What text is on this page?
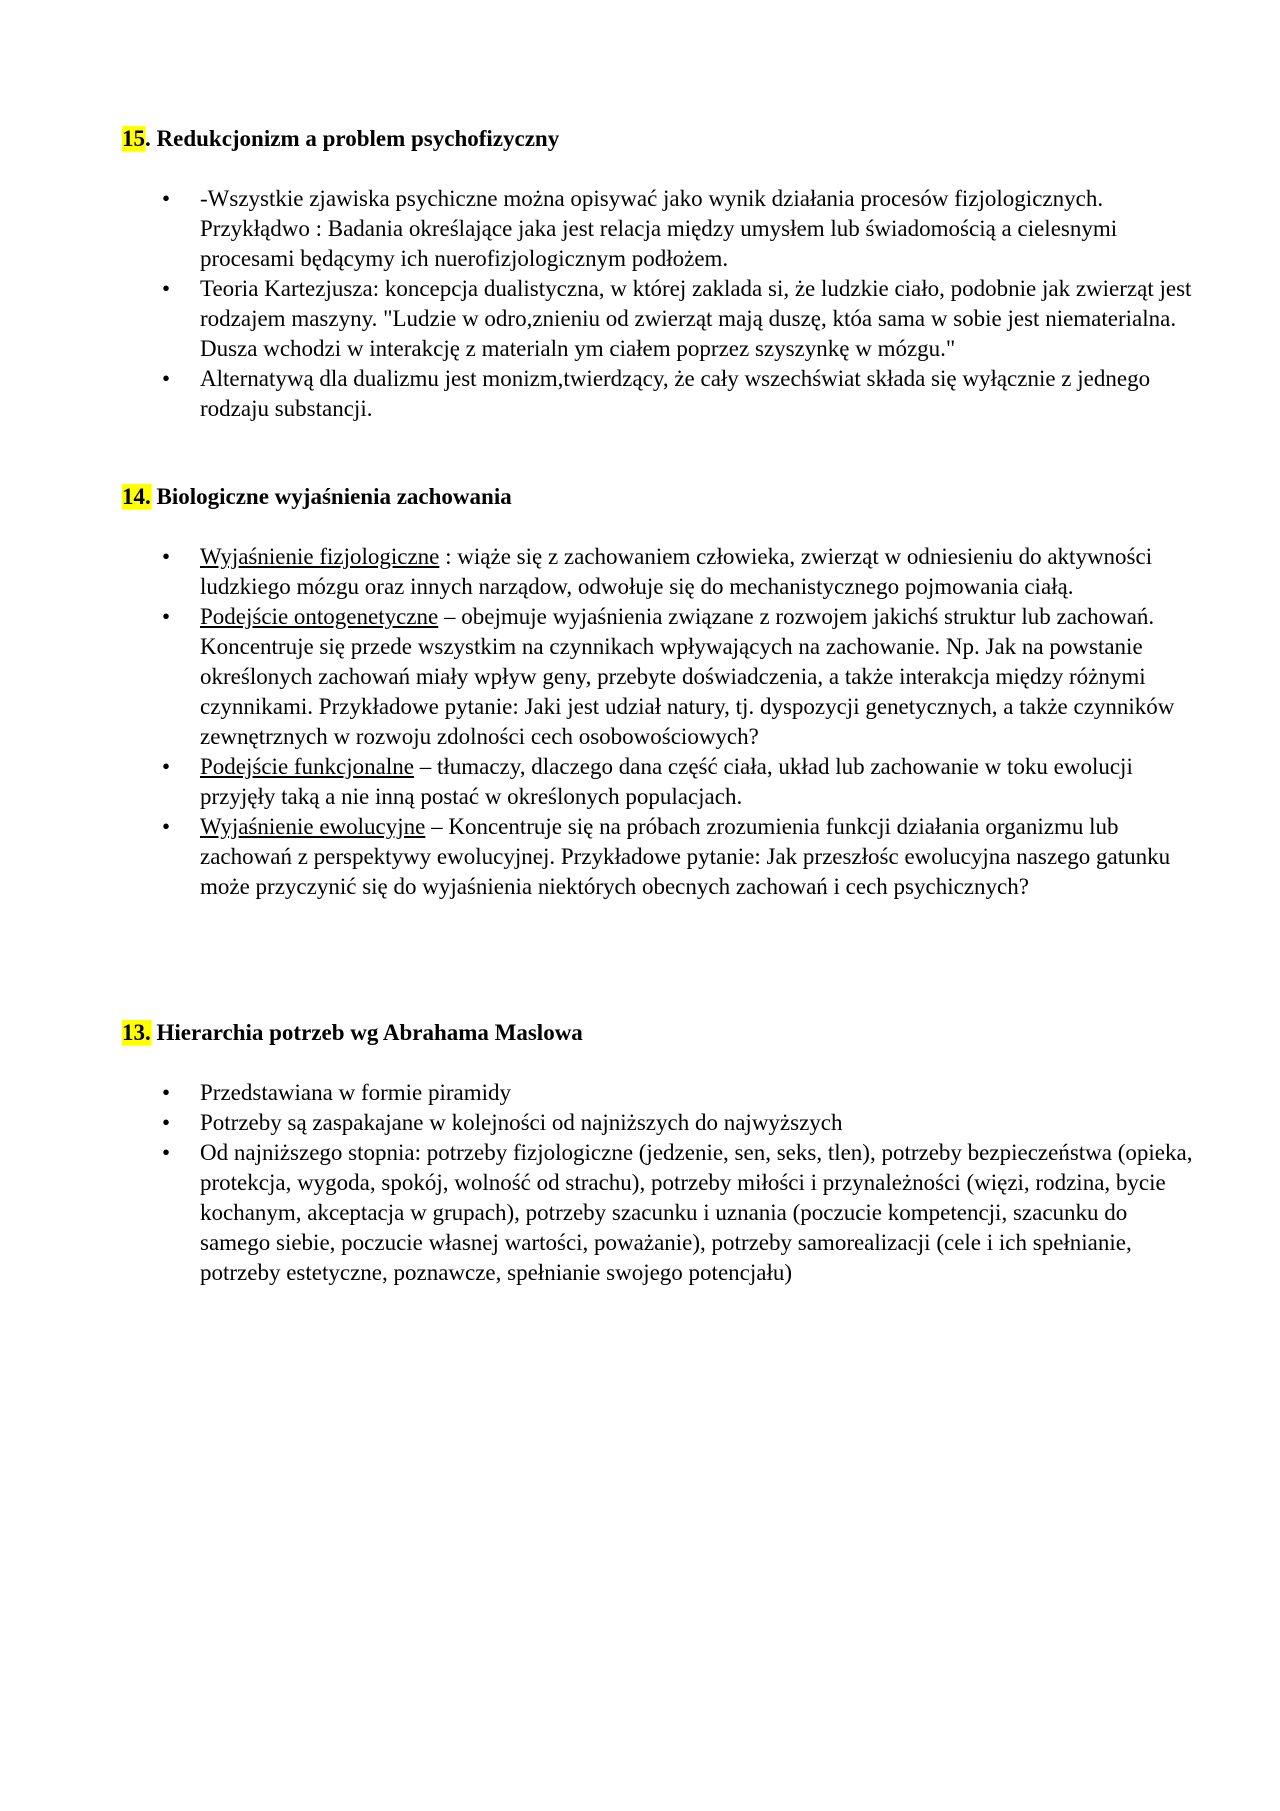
15. Redukcjonizm a problem psychofizyczny

• -Wszystkie zjawiska psychiczne można opisywać jako wynik działania procesów fizjologicznych. Przykłądwo : Badania określające jaka jest relacja między umysłem lub świadomością a cielesnymi procesami będącymy ich nuerofizjologicznym podłożem.
• Teoria Kartezjusza: koncepcja dualistyczna, w której zaklada si, że ludzkie ciało, podobnie jak zwierząt jest rodzajem maszyny. "Ludzie w odro,znieniu od zwierząt mają duszę, któa sama w sobie jest niematerialna. Dusza wchodzi w interakcję z materialn ym ciałem poprzez szyszynkę w mózgu."
• Alternatywą dla dualizmu jest monizm,twierdzący, że cały wszechświat składa się wyłącznie z jednego rodzaju substancji.

14. Biologiczne wyjaśnienia zachowania

• Wyjaśnienie fizjologiczne : wiąże się z zachowaniem człowieka, zwierząt w odniesieniu do aktywności ludzkiego mózgu oraz innych narządow, odwołuje się do mechanistycznego pojmowania ciałą.
• Podejście ontogenetyczne – obejmuje wyjaśnienia związane z rozwojem jakichś struktur lub zachowań. Koncentruje się przede wszystkim na czynnikach wpływających na zachowanie. Np. Jak na powstanie określonych zachowań miały wpływ geny, przebyte doświadczenia, a także interakcja między różnymi czynnikami. Przykładowe pytanie: Jaki jest udział natury, tj. dyspozycji genetycznych, a także czynników zewnętrznych w rozwoju zdolności cech osobowościowych?
• Podejście funkcjonalne – tłumaczy, dlaczego dana część ciała, układ lub zachowanie w toku ewolucji przyjęły taką a nie inną postać w określonych populacjach.
• Wyjaśnienie ewolucyjne – Koncentruje się na próbach zrozumienia funkcji działania organizmu lub zachowań z perspektywy ewolucyjnej. Przykładowe pytanie: Jak przeszłośc ewolucyjna naszego gatunku może przyczynić się do wyjaśnienia niektórych obecnych zachowań i cech psychicznych?

13. Hierarchia potrzeb wg Abrahama Maslowa

• Przedstawiana w formie piramidy
• Potrzeby są zaspakajane w kolejności od najniższych do najwyższych
• Od najniższego stopnia: potrzeby fizjologiczne (jedzenie, sen, seks, tlen), potrzeby bezpieczeństwa (opieka, protekcja, wygoda, spokój, wolność od strachu), potrzeby miłości i przynależności (więzi, rodzina, bycie kochanym, akceptacja w grupach), potrzeby szacunku i uznania (poczucie kompetencji, szacunku do samego siebie, poczucie własnej wartości, poważanie), potrzeby samorealizacji (cele i ich spełnianie, potrzeby estetyczne, poznawcze, spełnianie swojego potencjału)
